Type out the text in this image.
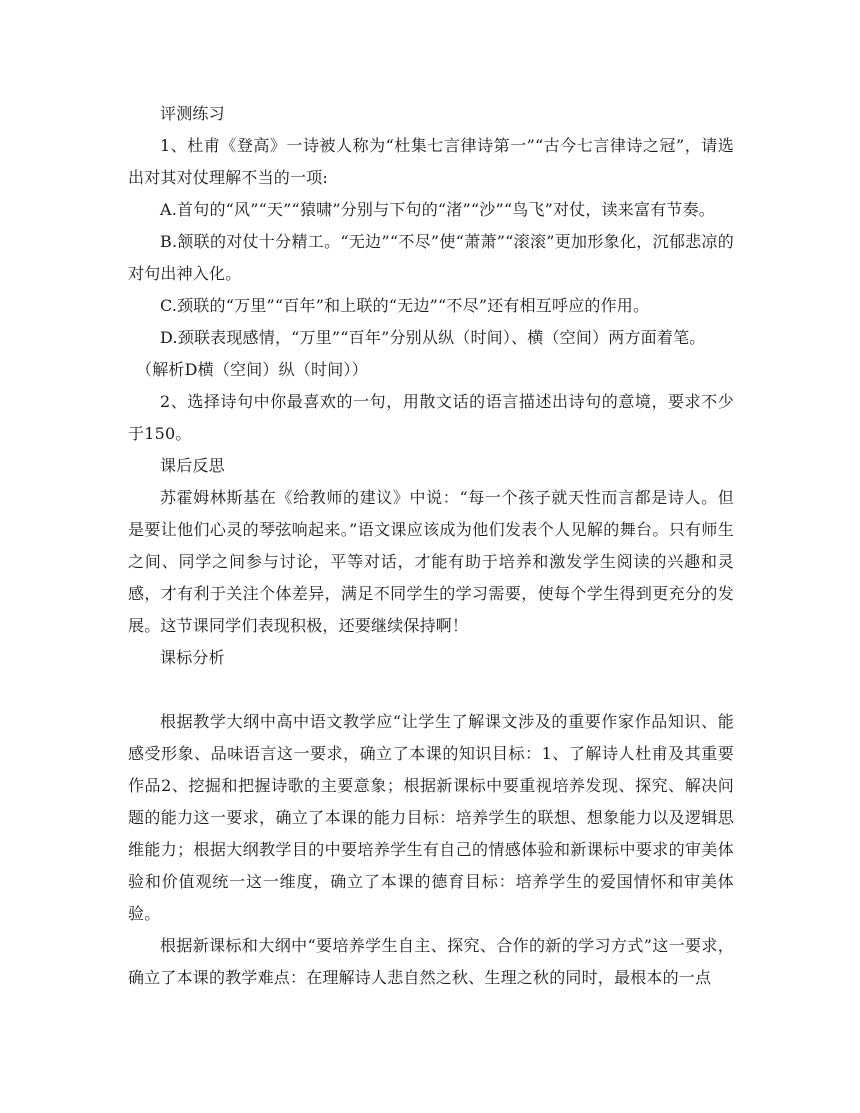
评测练习

1、杜甫《登高》一诗被人称为“杜集七言律诗第一”“古今七言律诗之冠”，请选出对其对仗理解不当的一项:

A.首句的“风”“天”“猿啸”分别与下句的“渚”“沙”“鸟飞”对仗，读来富有节奏。

B.颔联的对仗十分精工。“无边”“不尽”使“萧萧”“滚滚”更加形象化，沉郁悲凉的对句出神入化。

C.颈联的“万里”“百年”和上联的“无边”“不尽”还有相互呼应的作用。

D.颈联表现感情，“万里”“百年”分别从纵（时间）、横（空间）两方面着笔。

（解析D横（空间）纵（时间））

2、选择诗句中你最喜欢的一句，用散文话的语言描述出诗句的意境，要求不少于150。

课后反思

苏霍姆林斯基在《给教师的建议》中说：“每一个孩子就天性而言都是诗人。但是要让他们心灵的琴弦响起来。”语文课应该成为他们发表个人见解的舞台。只有师生之间、同学之间参与讨论，平等对话，才能有助于培养和激发学生阅读的兴趣和灵感，才有利于关注个体差异，满足不同学生的学习需要，使每个学生得到更充分的发展。这节课同学们表现积极，还要继续保持啊！

课标分析

根据教学大纲中高中语文教学应“让学生了解课文涉及的重要作家作品知识、能感受形象、品味语言这一要求，确立了本课的知识目标：1、了解诗人杜甫及其重要作品2、挖掘和把握诗歌的主要意象；根据新课标中要重视培养发现、探究、解决问题的能力这一要求，确立了本课的能力目标：培养学生的联想、想象能力以及逻辑思维能力；根据大纲教学目的中要培养学生有自己的情感体验和新课标中要求的审美体验和价值观统一这一维度，确立了本课的德育目标：培养学生的爱国情怀和审美体验。

根据新课标和大纲中“要培养学生自主、探究、合作的新的学习方式”这一要求，确立了本课的教学难点：在理解诗人悲自然之秋、生理之秋的同时，最根本的一点
